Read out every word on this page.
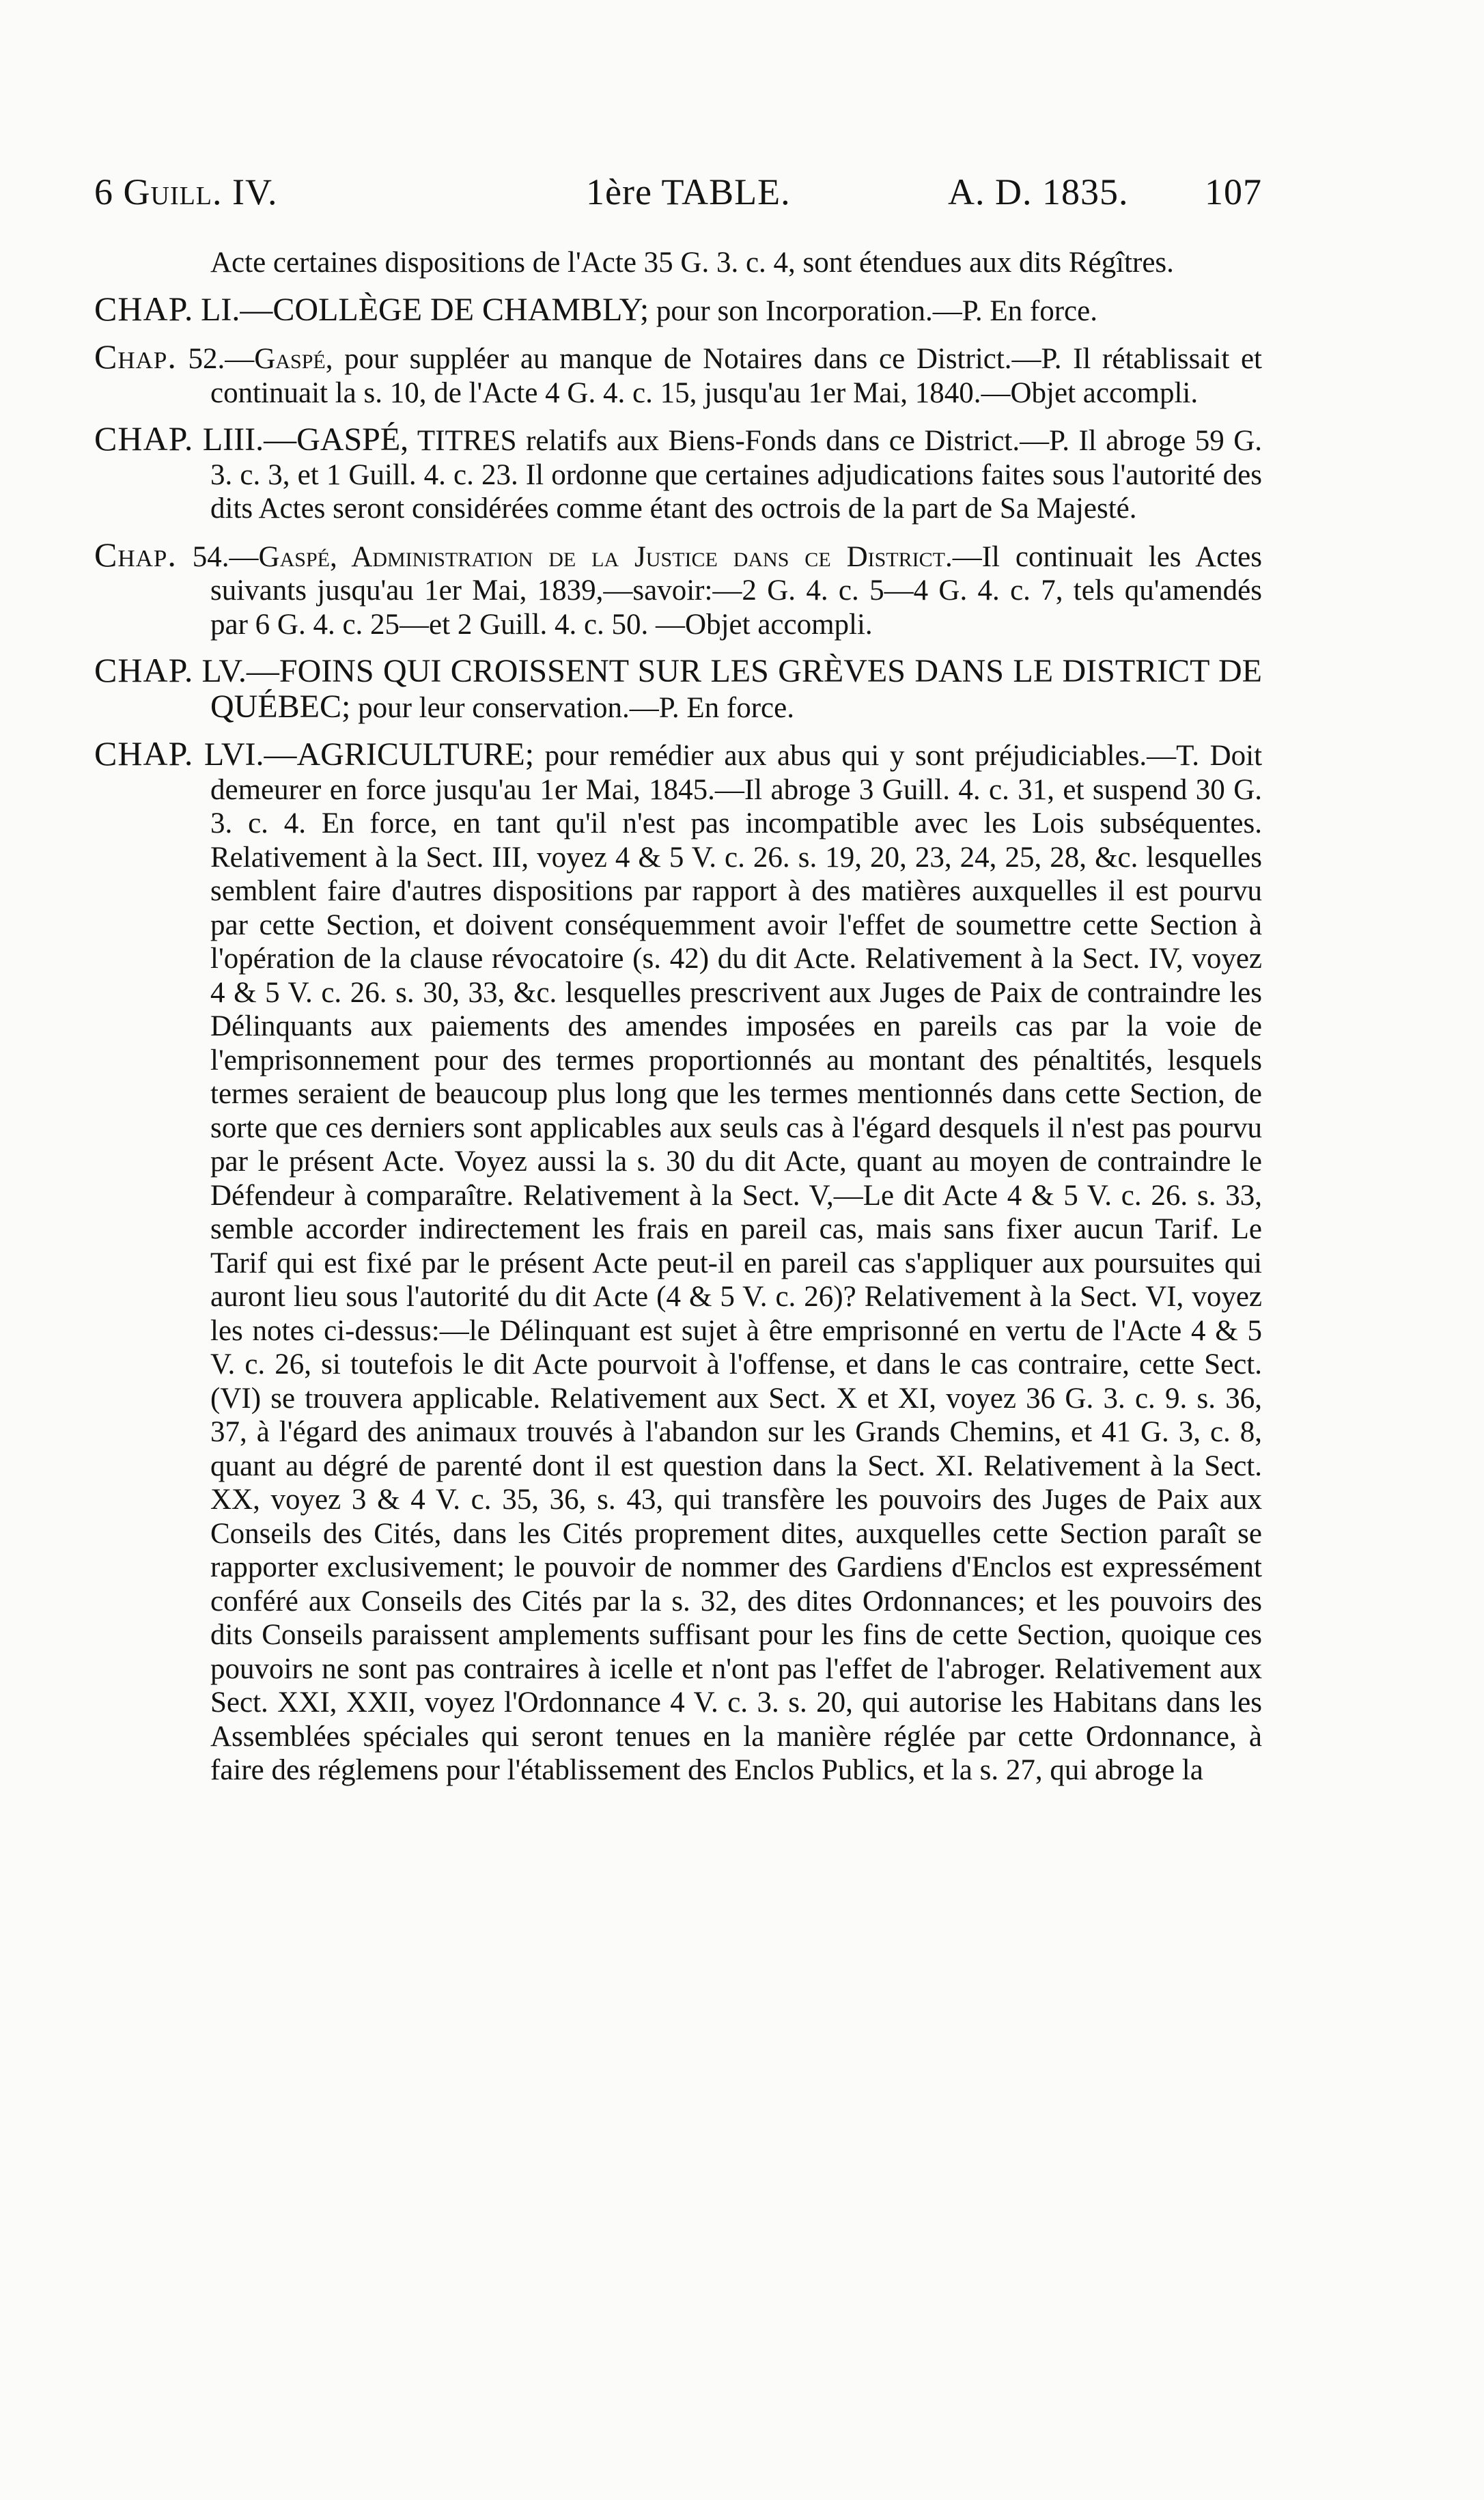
6 Guill. IV.	1ère TABLE.	A. D. 1835. 107

Acte certaines dispositions de l'Acte 35 G. 3. c. 4, sont étendues aux dits Régîtres.

CHAP. LI.—COLLÈGE DE CHAMBLY; pour son Incorporation.—P. En force.

Chap. 52.—Gaspé, pour suppléer au manque de Notaires dans ce District.—P. Il rétablissait et continuait la s. 10, de l'Acte 4 G. 4. c. 15, jusqu'au 1er Mai, 1840.—Objet accompli.

CHAP. LIII.—GASPÉ, TITRES relatifs aux Biens-Fonds dans ce District.—P. Il abroge 59 G. 3. c. 3, et 1 Guill. 4. c. 23. Il ordonne que certaines adjudications faites sous l'autorité des dits Actes seront considérées comme étant des octrois de la part de Sa Majesté.

Chap. 54.—Gaspé, Administration de la Justice dans ce District.—Il continuait les Actes suivants jusqu'au 1er Mai, 1839,—savoir:—2 G. 4. c. 5—4 G. 4. c. 7, tels qu'amendés par 6 G. 4. c. 25—et 2 Guill. 4. c. 50. —Objet accompli.

CHAP. LV.—FOINS QUI CROISSENT SUR LES GRÈVES DANS LE DISTRICT DE QUÉBEC; pour leur conservation.—P. En force.

CHAP. LVI.—AGRICULTURE; pour remédier aux abus qui y sont préjudiciables.—T. Doit demeurer en force jusqu'au 1er Mai, 1845.—Il abroge 3 Guill. 4. c. 31, et suspend 30 G. 3. c. 4. En force, en tant qu'il n'est pas incompatible avec les Lois subséquentes. Relativement à la Sect. III, voyez 4 & 5 V. c. 26. s. 19, 20, 23, 24, 25, 28, &c. lesquelles semblent faire d'autres dispositions par rapport à des matières auxquelles il est pourvu par cette Section, et doivent conséquemment avoir l'effet de soumettre cette Section à l'opération de la clause révocatoire (s. 42) du dit Acte. Relativement à la Sect. IV, voyez 4 & 5 V. c. 26. s. 30, 33, &c. lesquelles prescrivent aux Juges de Paix de contraindre les Délinquants aux paiements des amendes imposées en pareils cas par la voie de l'emprisonnement pour des termes proportionnés au montant des pénaltités, lesquels termes seraient de beaucoup plus long que les termes mentionnés dans cette Section, de sorte que ces derniers sont applicables aux seuls cas à l'égard desquels il n'est pas pourvu par le présent Acte. Voyez aussi la s. 30 du dit Acte, quant au moyen de contraindre le Défendeur à comparaître. Relativement à la Sect. V,—Le dit Acte 4 & 5 V. c. 26. s. 33, semble accorder indirectement les frais en pareil cas, mais sans fixer aucun Tarif. Le Tarif qui est fixé par le présent Acte peut-il en pareil cas s'appliquer aux poursuites qui auront lieu sous l'autorité du dit Acte (4 & 5 V. c. 26)? Relativement à la Sect. VI, voyez les notes ci-dessus:—le Délinquant est sujet à être emprisonné en vertu de l'Acte 4 & 5 V. c. 26, si toutefois le dit Acte pourvoit à l'offense, et dans le cas contraire, cette Sect. (VI) se trouvera applicable. Relativement aux Sect. X et XI, voyez 36 G. 3. c. 9. s. 36, 37, à l'égard des animaux trouvés à l'abandon sur les Grands Chemins, et 41 G. 3, c. 8, quant au dégré de parenté dont il est question dans la Sect. XI. Relativement à la Sect. XX, voyez 3 & 4 V. c. 35, 36, s. 43, qui transfère les pouvoirs des Juges de Paix aux Conseils des Cités, dans les Cités proprement dites, auxquelles cette Section paraît se rapporter exclusivement; le pouvoir de nommer des Gardiens d'Enclos est expressément conféré aux Conseils des Cités par la s. 32, des dites Ordonnances; et les pouvoirs des dits Conseils paraissent amplements suffisant pour les fins de cette Section, quoique ces pouvoirs ne sont pas contraires à icelle et n'ont pas l'effet de l'abroger. Relativement aux Sect. XXI, XXII, voyez l'Ordonnance 4 V. c. 3. s. 20, qui autorise les Habitans dans les Assemblées spéciales qui seront tenues en la manière réglée par cette Ordonnance, à faire des réglemens pour l'établissement des Enclos Publics, et la s. 27, qui abroge la
